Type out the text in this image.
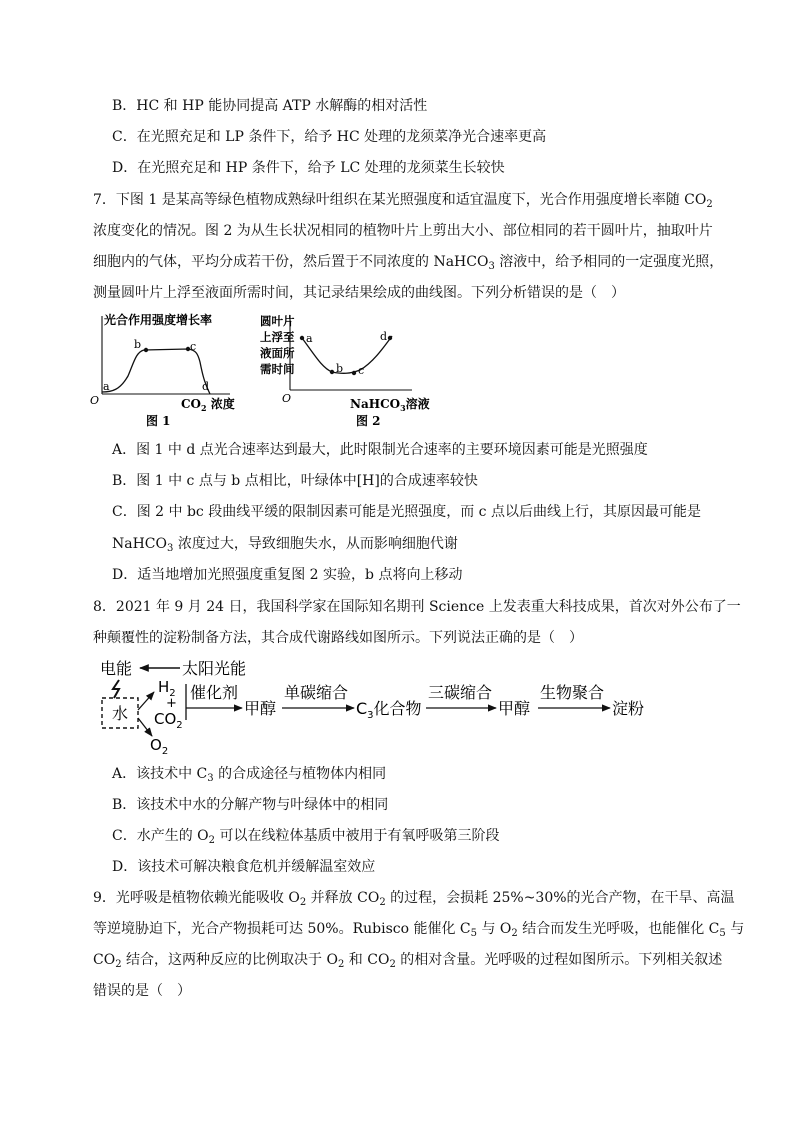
B．HC 和 HP 能协同提高 ATP 水解酶的相对活性
C．在光照充足和 LP 条件下，给予 HC 处理的龙须菜净光合速率更高
D．在光照充足和 HP 条件下，给予 LC 处理的龙须菜生长较快
7．下图 1 是某高等绿色植物成熟绿叶组织在某光照强度和适宜温度下，光合作用强度增长率随 $CO_2$
浓度变化的情况。图 2 为从生长状况相同的植物叶片上剪出大小、部位相同的若干圆叶片，抽取叶片
细胞内的气体，平均分成若干份，然后置于不同浓度的 NaHCO$_3$ 溶液中，给予相同的一定强度光照，
测量圆叶片上浮至液面所需时间，其记录结果绘成的曲线图。下列分析错误的是（　）
光合作用强度增长率
a
b	c
d
O	$CO_2$ 浓度
图 1
圆叶片
上浮至
液面所
需时间
a
b c
d
O	NaHCO$_3$溶液
图 2
A．图 1 中 d 点光合速率达到最大，此时限制光合速率的主要环境因素可能是光照强度
B．图 1 中 c 点与 b 点相比，叶绿体中[H]的合成速率较快
C．图 2 中 bc 段曲线平缓的限制因素可能是光照强度，而 c 点以后曲线上行，其原因最可能是
NaHCO$_3$ 浓度过大，导致细胞失水，从而影响细胞代谢
D．适当地增加光照强度重复图 2 实验，b 点将向上移动
8．2021 年 9 月 24 日，我国科学家在国际知名期刊 Science 上发表重大科技成果，首次对外公布了一
种颠覆性的淀粉制备方法，其合成代谢路线如图所示。下列说法正确的是（　）
电能	太阳光能
水
$H_2$
+
$CO_2$
$O_2$
催化剂
甲醇
单碳缩合
$C_3$化合物
三碳缩合
甲醇
生物聚合
淀粉
A．该技术中 $C_3$ 的合成途径与植物体内相同
B．该技术中水的分解产物与叶绿体中的相同
C．水产生的 $O_2$ 可以在线粒体基质中被用于有氧呼吸第三阶段
D．该技术可解决粮食危机并缓解温室效应
9．光呼吸是植物依赖光能吸收 $O_2$ 并释放 $CO_2$ 的过程，会损耗 25%~30%的光合产物，在干旱、高温
等逆境胁迫下，光合产物损耗可达 50%。Rubisco 能催化 $C_5$ 与 $O_2$ 结合而发生光呼吸，也能催化 $C_5$ 与
$CO_2$ 结合，这两种反应的比例取决于 $O_2$ 和 $CO_2$ 的相对含量。光呼吸的过程如图所示。下列相关叙述
错误的是（　）
